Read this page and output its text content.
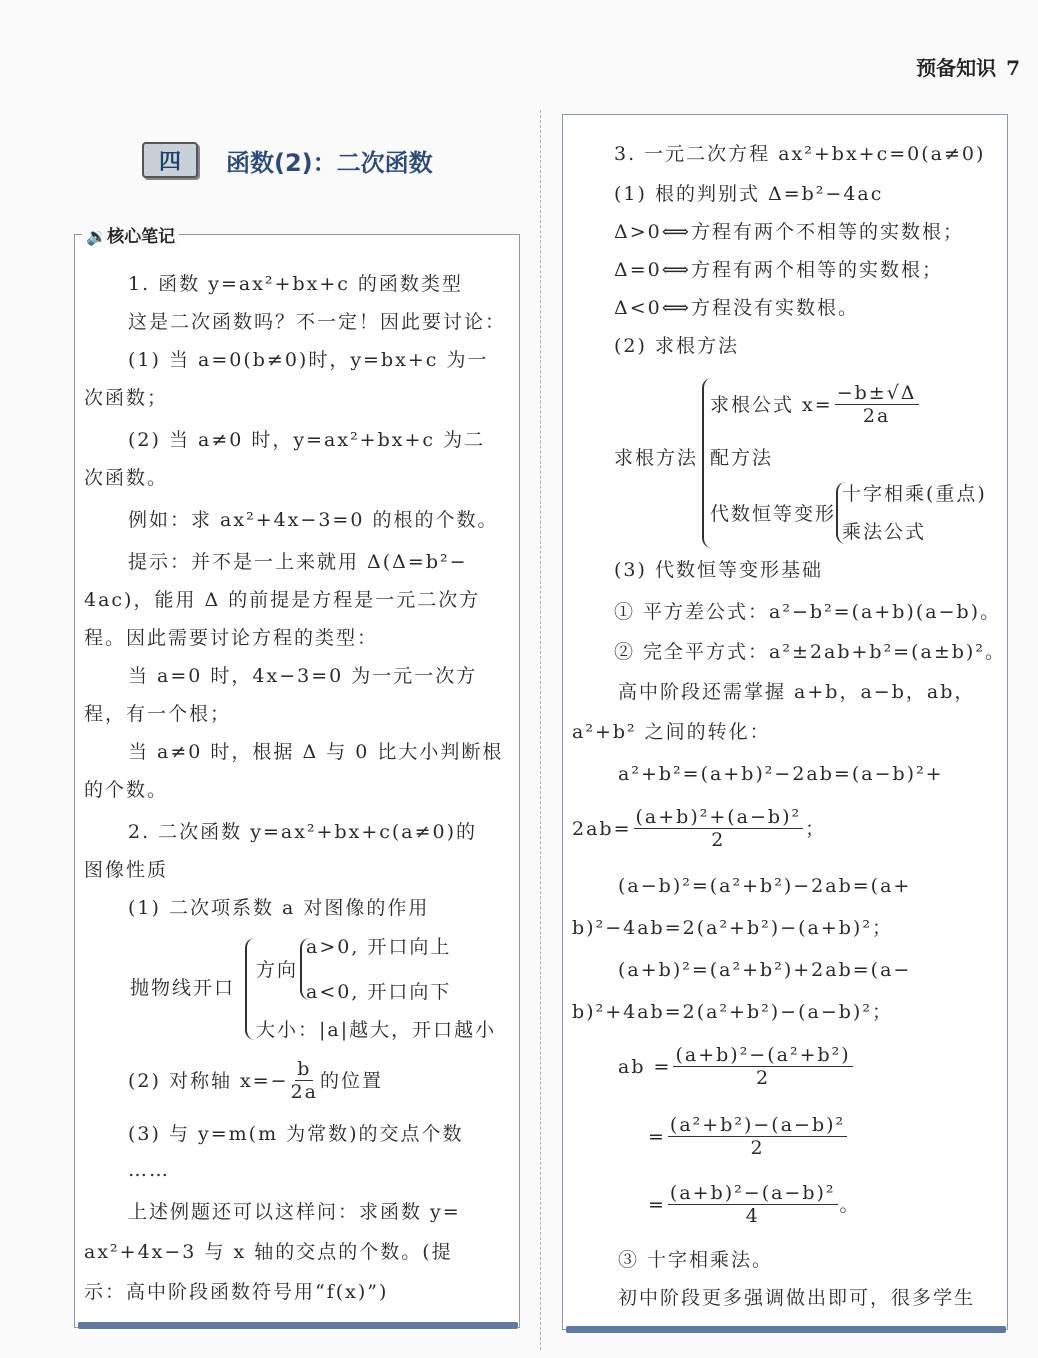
预备知识 7
四	函数(2)：二次函数
🔉核心笔记
1. 函数 y=ax²+bx+c 的函数类型
这是二次函数吗？不一定！因此要讨论：
(1) 当 a=0(b≠0)时，y=bx+c 为一
次函数；
(2) 当 a≠0 时，y=ax²+bx+c 为二
次函数。
例如：求 ax²+4x−3=0 的根的个数。
提示：并不是一上来就用 Δ(Δ=b²−
4ac)，能用 Δ 的前提是方程是一元二次方
程。因此需要讨论方程的类型：
当 a=0 时，4x−3=0 为一元一次方
程，有一个根；
当 a≠0 时，根据 Δ 与 0 比大小判断根
的个数。
2. 二次函数 y=ax²+bx+c(a≠0)的
图像性质
(1) 二次项系数 a 对图像的作用
抛物线开口
方向
a>0, 开口向上
a<0, 开口向下
大小：|a|越大，开口越小
(2) 对称轴 $x=- \frac{b}{2a}$ 的位置
(3) 与 y=m(m 为常数)的交点个数
……
上述例题还可以这样问：求函数 y=
ax²+4x−3 与 x 轴的交点的个数。(提
示：高中阶段函数符号用“f(x)”)
3. 一元二次方程 ax²+bx+c=0(a≠0)
(1) 根的判别式 Δ=b²−4ac
Δ>0⟺方程有两个不相等的实数根；
Δ=0⟺方程有两个相等的实数根；
Δ<0⟺方程没有实数根。
(2) 求根方法
求根方法
求根公式 $x= \frac{-b\pm√\Delta}{2a}$
配方法
代数恒等变形
十字相乘(重点)
乘法公式
(3) 代数恒等变形基础
① 平方差公式：a²−b²=(a+b)(a−b)。
② 完全平方式：a²±2ab+b²=(a±b)²。
高中阶段还需掌握 a+b，a−b，ab，
a²+b² 之间的转化：
a²+b²=(a+b)²−2ab=(a−b)²+
$2ab= \frac{\text{(a+b)²+(a−b)²}}{2}$ ；
(a−b)²=(a²+b²)−2ab=(a+
b)²−4ab=2(a²+b²)−(a+b)²；
(a+b)²=(a²+b²)+2ab=(a−
b)²+4ab=2(a²+b²)−(a−b)²；
ab = $\frac{\text{(a+b)²−(a²+b²)}}{2}$
= $\frac{\text{(a²+b²)−(a−b)²}}{2}$
= $\frac{\text{(a+b)²−(a−b)²}}{4}$ 。
③ 十字相乘法。
初中阶段更多强调做出即可，很多学生
